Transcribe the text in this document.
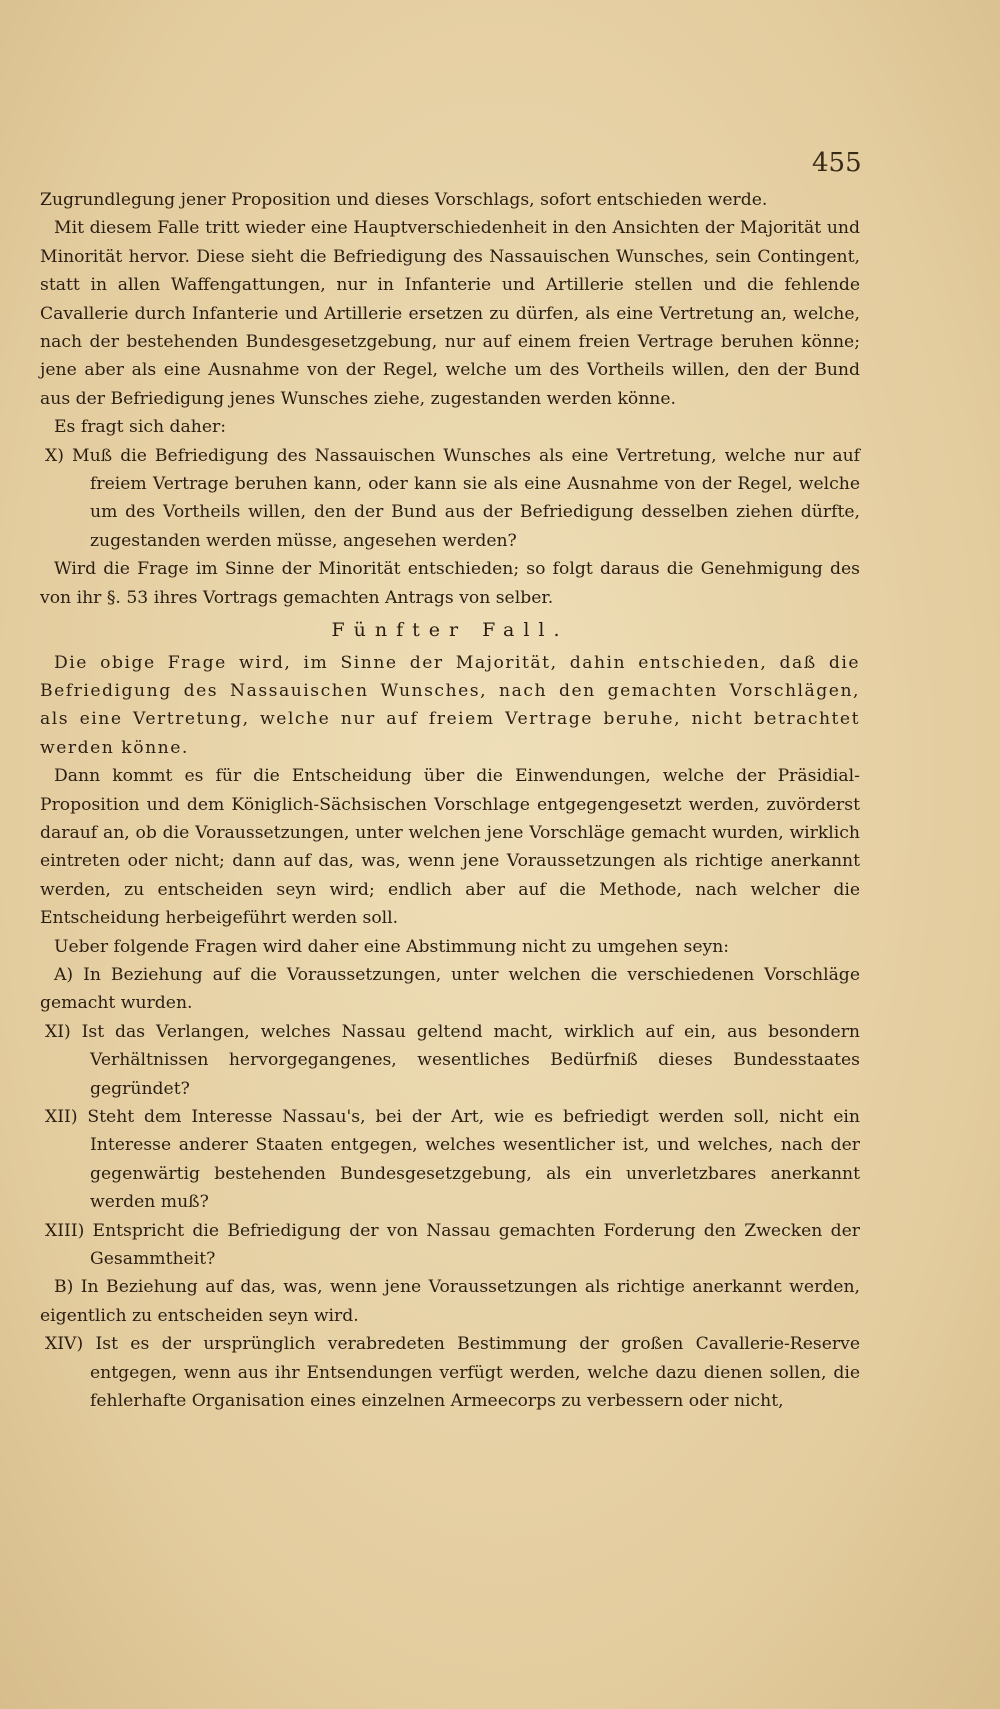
455

Zugrundlegung jener Proposition und dieses Vorschlags, sofort entschieden werde.

Mit diesem Falle tritt wieder eine Hauptverschiedenheit in den Ansichten der Majorität und Minorität hervor. Diese sieht die Befriedigung des Nassauischen Wunsches, sein Contingent, statt in allen Waffengattungen, nur in Infanterie und Artillerie stellen und die fehlende Cavallerie durch Infanterie und Artillerie ersetzen zu dürfen, als eine Vertretung an, welche, nach der bestehenden Bundesgesetzgebung, nur auf einem freien Vertrage beruhen könne; jene aber als eine Ausnahme von der Regel, welche um des Vortheils willen, den der Bund aus der Befriedigung jenes Wunsches ziehe, zugestanden werden könne.

Es fragt sich daher:

X) Muß die Befriedigung des Nassauischen Wunsches als eine Vertretung, welche nur auf freiem Vertrage beruhen kann, oder kann sie als eine Ausnahme von der Regel, welche um des Vortheils willen, den der Bund aus der Befriedigung desselben ziehen dürfte, zugestanden werden müsse, angesehen werden?

Wird die Frage im Sinne der Minorität entschieden; so folgt daraus die Genehmigung des von ihr §. 53 ihres Vortrags gemachten Antrags von selber.

Fünfter Fall.

Die obige Frage wird, im Sinne der Majorität, dahin entschieden, daß die Befriedigung des Nassauischen Wunsches, nach den gemachten Vorschlägen, als eine Vertretung, welche nur auf freiem Vertrage beruhe, nicht betrachtet werden könne.

Dann kommt es für die Entscheidung über die Einwendungen, welche der Präsidial-Proposition und dem Königlich-Sächsischen Vorschlage entgegengesetzt werden, zuvörderst darauf an, ob die Voraussetzungen, unter welchen jene Vorschläge gemacht wurden, wirklich eintreten oder nicht; dann auf das, was, wenn jene Voraussetzungen als richtige anerkannt werden, zu entscheiden seyn wird; endlich aber auf die Methode, nach welcher die Entscheidung herbeigeführt werden soll.

Ueber folgende Fragen wird daher eine Abstimmung nicht zu umgehen seyn:

A) In Beziehung auf die Voraussetzungen, unter welchen die verschiedenen Vorschläge gemacht wurden.

XI) Ist das Verlangen, welches Nassau geltend macht, wirklich auf ein, aus besondern Verhältnissen hervorgegangenes, wesentliches Bedürfniß dieses Bundesstaates gegründet?

XII) Steht dem Interesse Nassau's, bei der Art, wie es befriedigt werden soll, nicht ein Interesse anderer Staaten entgegen, welches wesentlicher ist, und welches, nach der gegenwärtig bestehenden Bundesgesetzgebung, als ein unverletzbares anerkannt werden muß?

XIII) Entspricht die Befriedigung der von Nassau gemachten Forderung den Zwecken der Gesammtheit?

B) In Beziehung auf das, was, wenn jene Voraussetzungen als richtige anerkannt werden, eigentlich zu entscheiden seyn wird.

XIV) Ist es der ursprünglich verabredeten Bestimmung der großen Cavallerie-Reserve entgegen, wenn aus ihr Entsendungen verfügt werden, welche dazu dienen sollen, die fehlerhafte Organisation eines einzelnen Armeecorps zu verbessern oder nicht,
